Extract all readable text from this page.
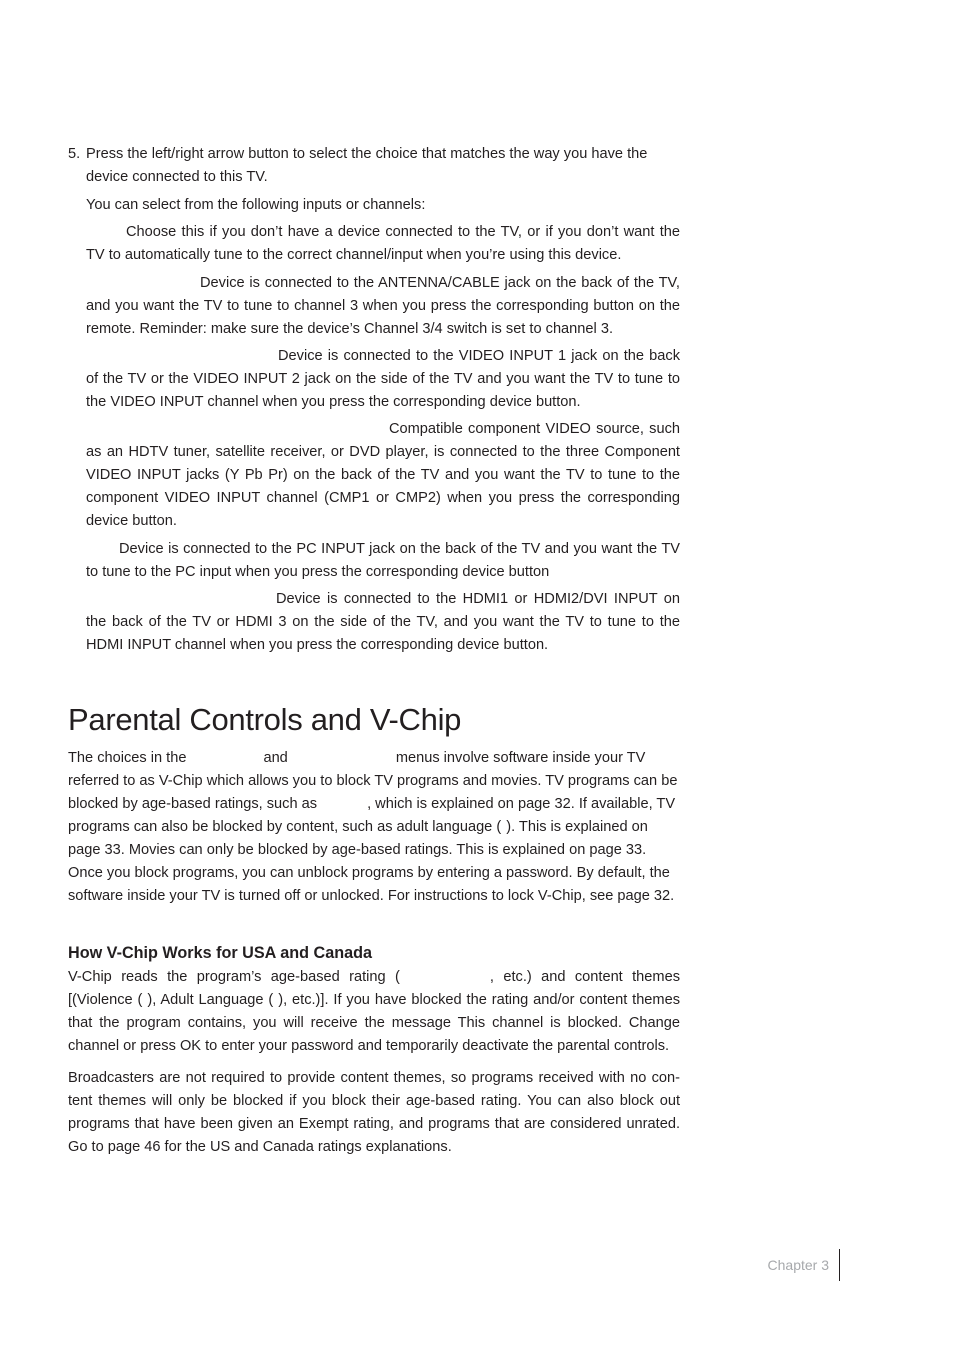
5. Press the left/right arrow button to select the choice that matches the way you have the device connected to this TV.

You can select from the following inputs or channels:

Choose this if you don’t have a device connected to the TV, or if you don’t want the TV to automatically tune to the correct channel/input when you’re using this device.

Device is connected to the ANTENNA/CABLE jack on the back of the TV, and you want the TV to tune to channel 3 when you press the corresponding button on the remote. Reminder: make sure the device’s Channel 3/4 switch is set to channel 3.

Device is connected to the VIDEO INPUT 1 jack on the back of the TV or the VIDEO INPUT 2 jack on the side of the TV and you want the TV to tune to the VIDEO INPUT channel when you press the corresponding device button.

Compatible component VIDEO source, such as an HDTV tuner, satellite receiver, or DVD player, is connected to the three Component VIDEO INPUT jacks (Y Pb Pr) on the back of the TV and you want the TV to tune to the component VIDEO INPUT channel (CMP1 or CMP2) when you press the corresponding device button.

Device is connected to the PC INPUT jack on the back of the TV and you want the TV to tune to the PC input when you press the corresponding device button

Device is connected to the HDMI1 or HDMI2/DVI INPUT on the back of the TV or HDMI 3 on the side of the TV, and you want the TV to tune to the HDMI INPUT channel when you press the corresponding device button.

Parental Controls and V-Chip

The choices in the	and	menus involve software inside your TV referred to as V-Chip which allows you to block TV programs and movies. TV programs can be blocked by age-based ratings, such as	, which is explained on page 32. If available, TV programs can also be blocked by content, such as adult language ( ). This is explained on page 33. Movies can only be blocked by age-based ratings. This is explained on page 33. Once you block programs, you can unblock programs by entering a password. By default, the software inside your TV is turned off or unlocked. For instructions to lock V-Chip, see page 32.

How V-Chip Works for USA and Canada

V-Chip reads the program’s age-based rating (	, etc.) and content themes [(Violence ( ), Adult Language ( ), etc.)]. If you have blocked the rating and/or content themes that the program contains, you will receive the message This channel is blocked. Change channel or press OK to enter your password and temporarily deactivate the parental controls.

Broadcasters are not required to provide content themes, so programs received with no con-tent themes will only be blocked if you block their age-based rating. You can also block out programs that have been given an Exempt rating, and programs that are considered unrated. Go to page 46 for the US and Canada ratings explanations.

Chapter 3
